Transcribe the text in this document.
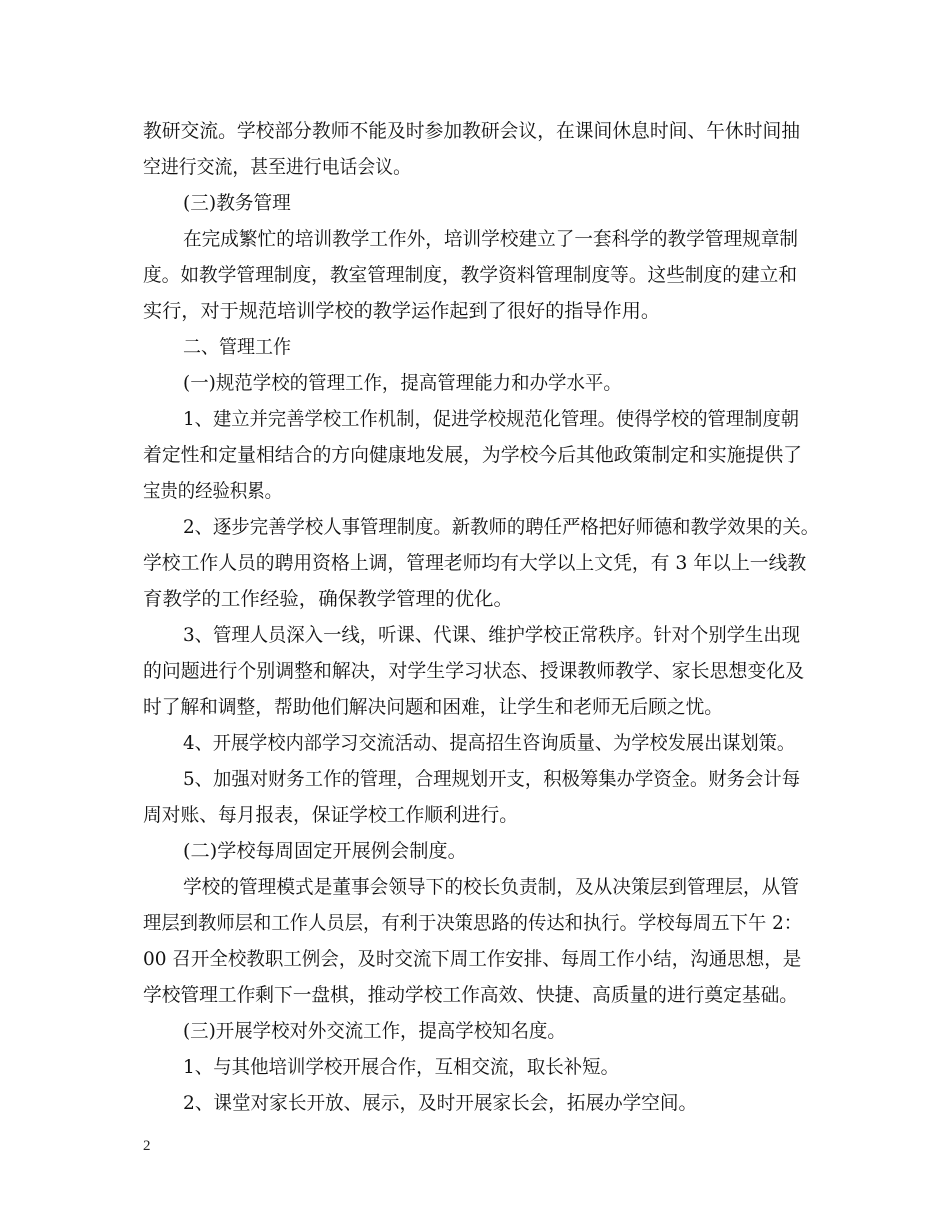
教研交流。学校部分教师不能及时参加教研会议，在课间休息时间、午休时间抽
空进行交流，甚至进行电话会议。
(三)教务管理
在完成繁忙的培训教学工作外，培训学校建立了一套科学的教学管理规章制
度。如教学管理制度，教室管理制度，教学资料管理制度等。这些制度的建立和
实行，对于规范培训学校的教学运作起到了很好的指导作用。
二、管理工作
(一)规范学校的管理工作，提高管理能力和办学水平。
1、建立并完善学校工作机制，促进学校规范化管理。使得学校的管理制度朝
着定性和定量相结合的方向健康地发展，为学校今后其他政策制定和实施提供了
宝贵的经验积累。
2、逐步完善学校人事管理制度。新教师的聘任严格把好师德和教学效果的关。
学校工作人员的聘用资格上调，管理老师均有大学以上文凭，有 3 年以上一线教
育教学的工作经验，确保教学管理的优化。
3、管理人员深入一线，听课、代课、维护学校正常秩序。针对个别学生出现
的问题进行个别调整和解决，对学生学习状态、授课教师教学、家长思想变化及
时了解和调整，帮助他们解决问题和困难，让学生和老师无后顾之忧。
4、开展学校内部学习交流活动、提高招生咨询质量、为学校发展出谋划策。
5、加强对财务工作的管理，合理规划开支，积极筹集办学资金。财务会计每
周对账、每月报表，保证学校工作顺利进行。
(二)学校每周固定开展例会制度。
学校的管理模式是董事会领导下的校长负责制，及从决策层到管理层，从管
理层到教师层和工作人员层，有利于决策思路的传达和执行。学校每周五下午 2：
00 召开全校教职工例会，及时交流下周工作安排、每周工作小结，沟通思想，是
学校管理工作剩下一盘棋，推动学校工作高效、快捷、高质量的进行奠定基础。
(三)开展学校对外交流工作，提高学校知名度。
1、与其他培训学校开展合作，互相交流，取长补短。
2、课堂对家长开放、展示，及时开展家长会，拓展办学空间。
2
